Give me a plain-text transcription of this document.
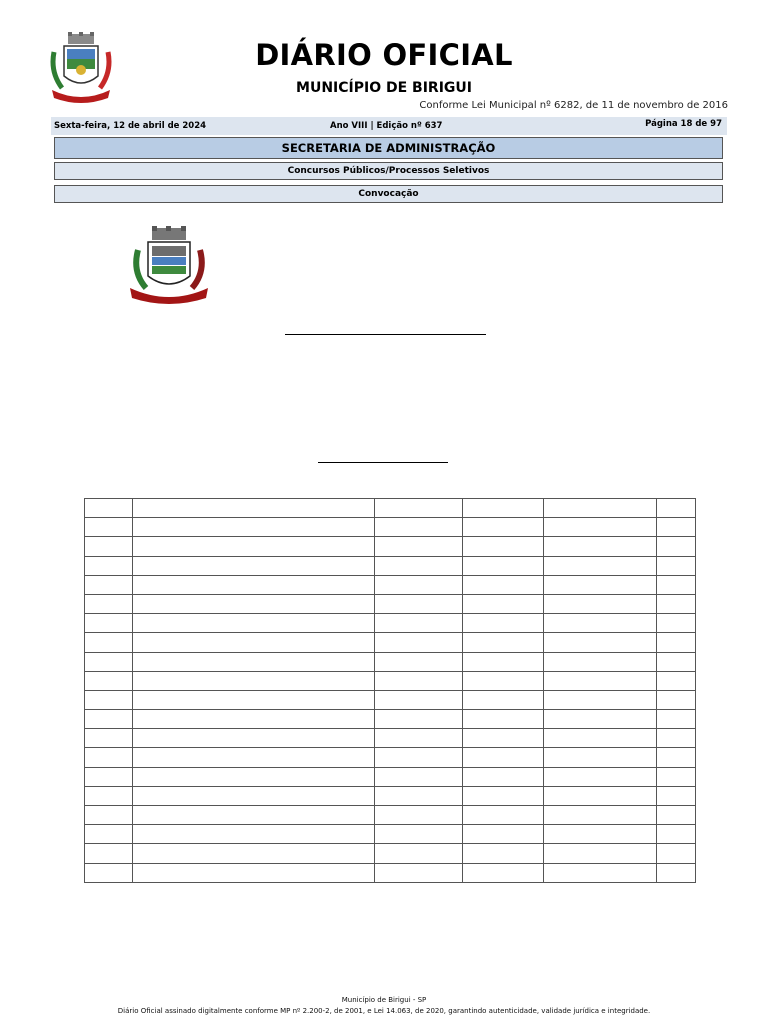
DIÁRIO OFICIAL
MUNICÍPIO DE BIRIGUI
Conforme Lei Municipal nº 6282, de 11 de novembro de 2016
Sexta-feira, 12 de abril de 2024	Ano VIII | Edição nº 637	Página 18 de 97
SECRETARIA DE ADMINISTRAÇÃO
Concursos Públicos/Processos Seletivos
Convocação

Município de Birigui - SP
Diário Oficial assinado digitalmente conforme MP nº 2.200-2, de 2001, e Lei 14.063, de 2020, garantindo autenticidade, validade jurídica e integridade.
